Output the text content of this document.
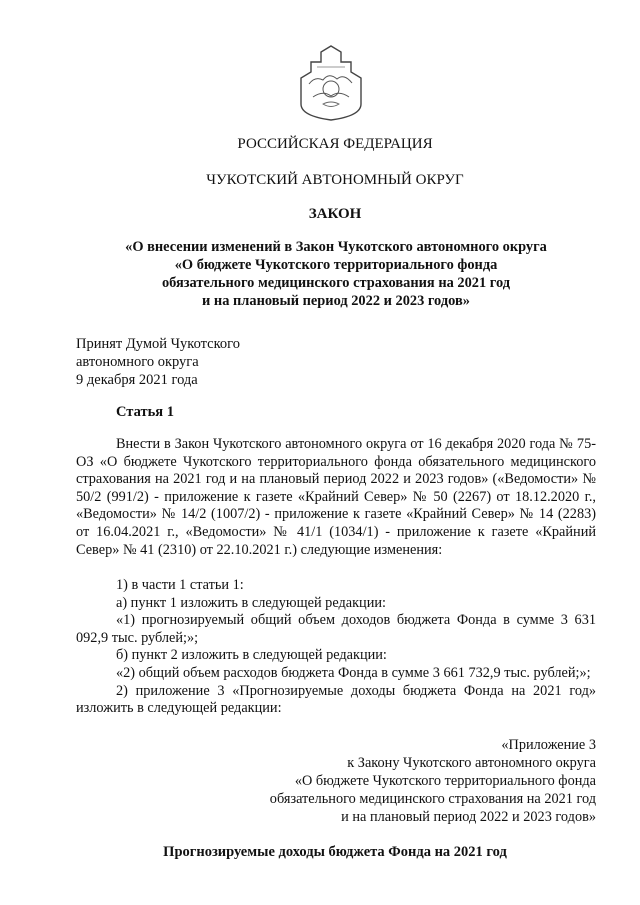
РОССИЙСКАЯ ФЕДЕРАЦИЯ
ЧУКОТСКИЙ АВТОНОМНЫЙ ОКРУГ
ЗАКОН
«О внесении изменений в Закон Чукотского автономного округа
«О бюджете Чукотского территориального фонда
обязательного медицинского страхования на 2021 год
и на плановый период 2022 и 2023 годов»
Принят Думой Чукотского
автономного округа
9 декабря 2021 года
Статья 1
Внести в Закон Чукотского автономного округа от 16 декабря 2020 года № 75-ОЗ «О бюджете Чукотского территориального фонда обязательного медицинского страхования на 2021 год и на плановый период 2022 и 2023 годов» («Ведомости» № 50/2 (991/2) - приложение к газете «Крайний Север» № 50 (2267) от 18.12.2020 г., «Ведомости» № 14/2 (1007/2) - приложение к газете «Крайний Север» № 14 (2283) от 16.04.2021 г., «Ведомости» № 41/1 (1034/1) - приложение к газете «Крайний Север» № 41 (2310) от 22.10.2021 г.) следующие изменения:
1) в части 1 статьи 1:
а) пункт 1 изложить в следующей редакции:
«1) прогнозируемый общий объем доходов бюджета Фонда в сумме 3 631 092,9 тыс. рублей;»;
б) пункт 2 изложить в следующей редакции:
«2) общий объем расходов бюджета Фонда в сумме 3 661 732,9 тыс. рублей;»;
2) приложение 3 «Прогнозируемые доходы бюджета Фонда на 2021 год» изложить в следующей редакции:
«Приложение 3
к Закону Чукотского автономного округа
«О бюджете Чукотского территориального фонда
обязательного медицинского страхования на 2021 год
и на плановый период 2022 и 2023 годов»
Прогнозируемые доходы бюджета Фонда на 2021 год
